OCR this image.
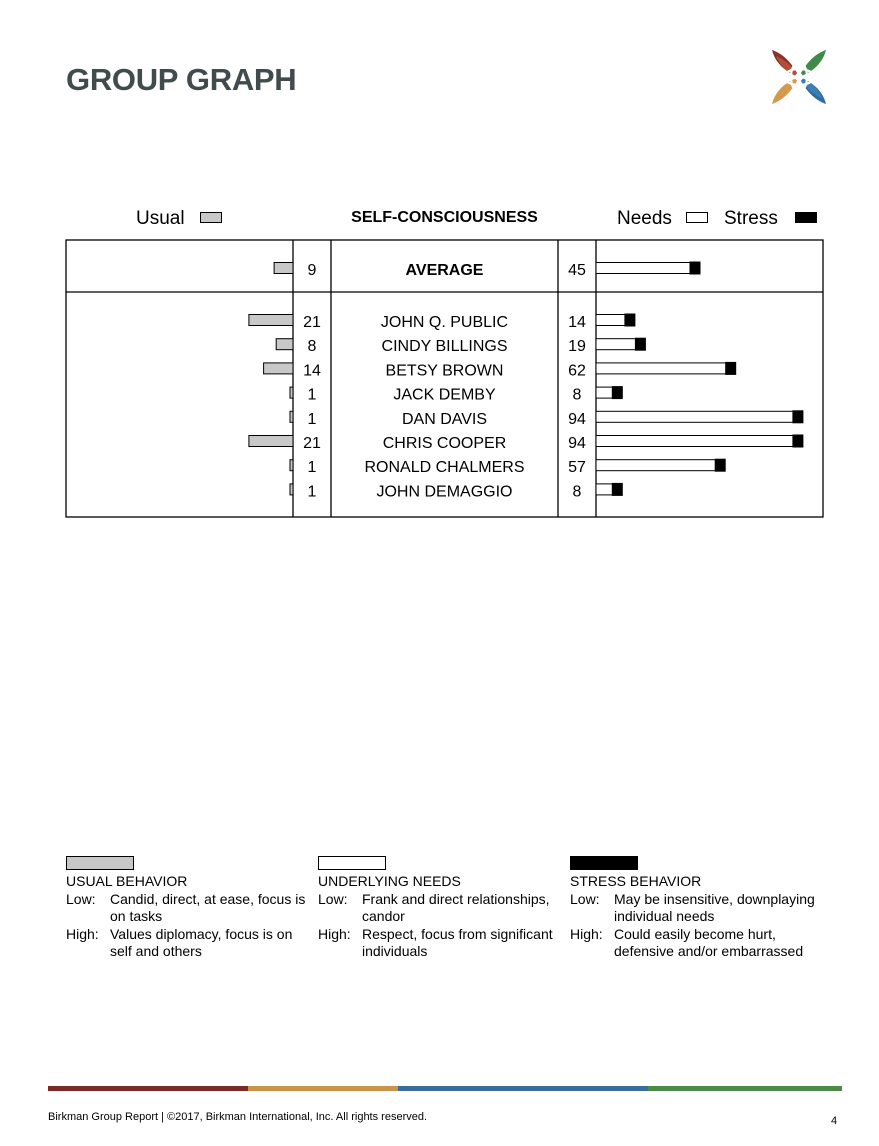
GROUP GRAPH
Usual	SELF-CONSCIOUSNESS	Needs	Stress
9	AVERAGE	45
21	JOHN Q. PUBLIC	14
8	CINDY BILLINGS	19
14	BETSY BROWN	62
1	JACK DEMBY	8
1	DAN DAVIS	94
21	CHRIS COOPER	94
1	RONALD CHALMERS	57
1	JOHN DEMAGGIO	8

USUAL BEHAVIOR

Low:	Candid, direct, at ease, focus is on tasks
High: Values diplomacy, focus is on self and others

UNDERLYING NEEDS

Low:	Frank and direct relationships, candor
High: Respect, focus from significant individuals

STRESS BEHAVIOR

Low:	May be insensitive, downplaying individual needs
High: Could easily become hurt, defensive and/or embarrassed
Birkman Group Report | ©2017, Birkman International, Inc. All rights reserved.	4
